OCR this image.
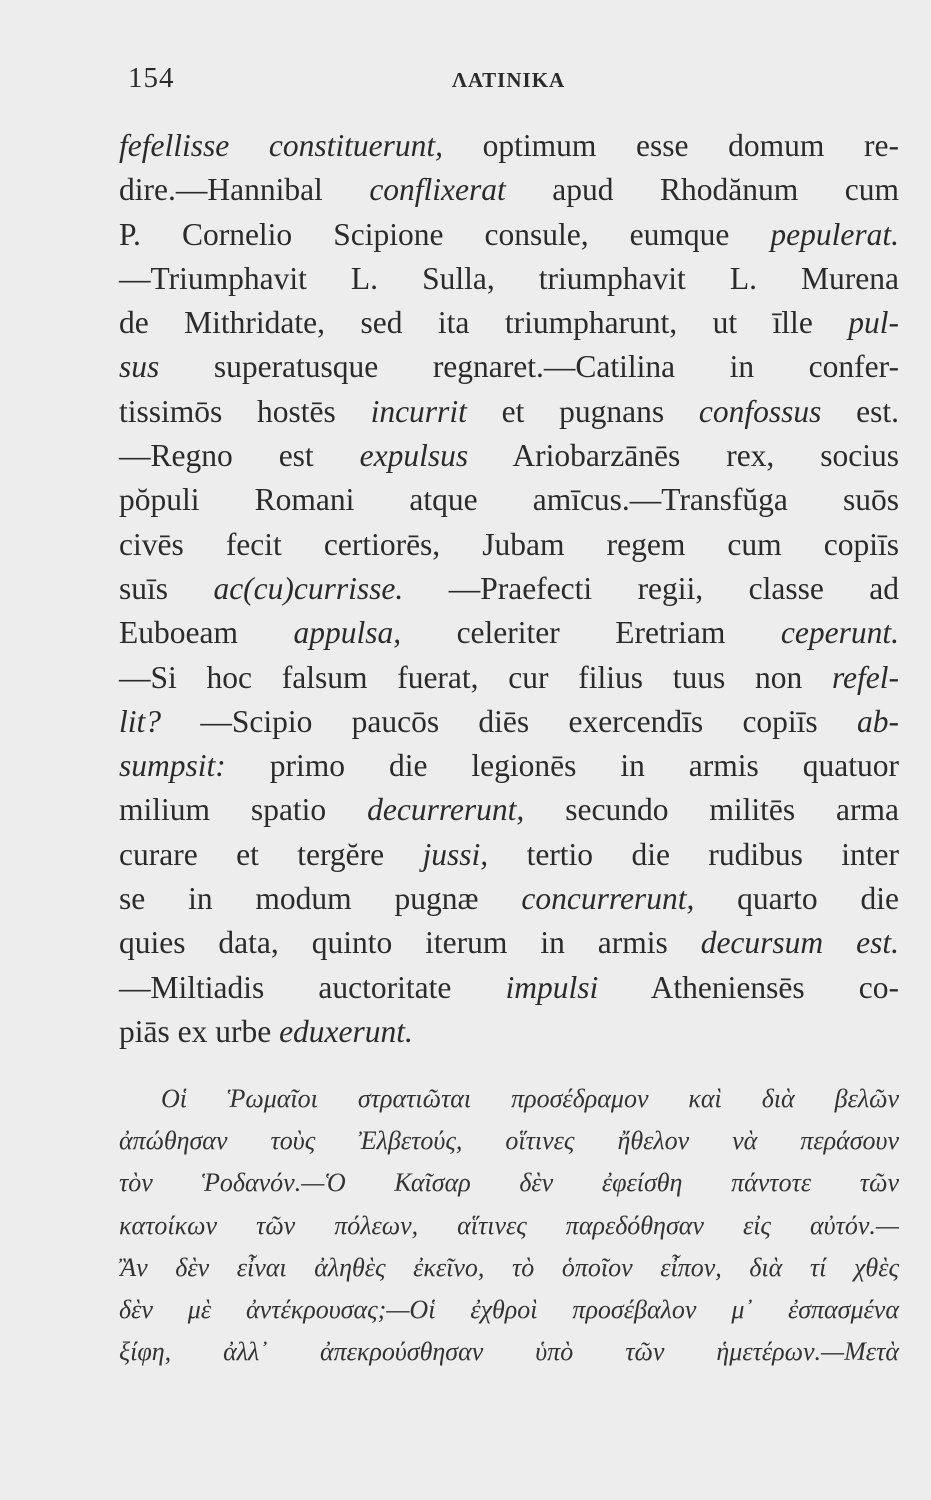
154	ΛΑΤΙΝΙΚΑ
fefellisse constituerunt, optimum esse domum re-
dire.—Hannibal conflixerat apud Rhodănum cum
P. Cornelio Scipione consule, eumque pepulerat.
—Triumphavit L. Sulla, triumphavit L. Murena
de Mithridate, sed ita triumpharunt, ut īlle pul-
sus superatusque regnaret.—Catilina in confer-
tissimōs hostēs incurrit et pugnans confossus est.
—Regno est expulsus Ariobarzānēs rex, socius
pŏpuli Romani atque amīcus.—Transfŭga suōs
civēs fecit certiorēs, Jubam regem cum copiīs
suīs ac(cu)currisse. —Praefecti regii, classe ad
Euboeam appulsa, celeriter Eretriam ceperunt.
—Si hoc falsum fuerat, cur filius tuus non refel-
lit? —Scipio paucōs diēs exercendīs copiīs ab-
sumpsit: primo die legionēs in armis quatuor
milium spatio decurrerunt, secundo militēs arma
curare et tergĕre jussi, tertio die rudibus inter
se in modum pugnæ concurrerunt, quarto die
quies data, quinto iterum in armis decursum est.
—Miltiadis auctoritate impulsi Atheniensēs co-
piās ex urbe eduxerunt.
Οἱ Ῥωμαῖοι στρατιῶται προσέδραμον καὶ διὰ βελῶν
ἀπώθησαν τοὺς Ἐλβετούς, οἵτινες ἤθελον νὰ περάσουν
τὸν Ῥοδανόν.—Ὁ Καῖσαρ δὲν ἐφείσθη πάντοτε τῶν
κατοίκων τῶν πόλεων, αἵτινες παρεδόθησαν εἰς αὐτόν.—
Ἂν δὲν εἶναι ἀληθὲς ἐκεῖνο, τὸ ὁποῖον εἶπον, διὰ τί χθὲς
δὲν μὲ ἀντέκρουσας;—Οἱ ἐχθροὶ προσέβαλον μ᾿ ἐσπασμένα
ξίφη, ἀλλ᾿ ἀπεκρούσθησαν ὑπὸ τῶν ἡμετέρων.—Μετὰ
